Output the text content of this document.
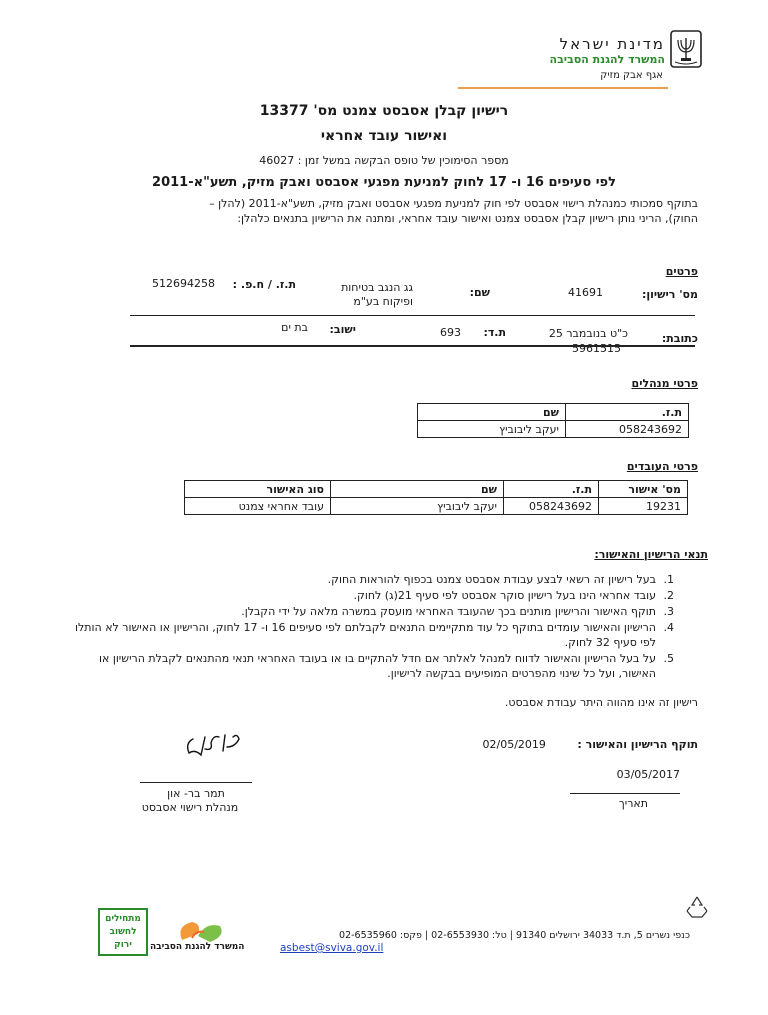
מדינת ישראל
המשרד להגנת הסביבה
אגף אבק מזיק
רישיון קבלן אסבסט צמנט מס' 13377
ואישור עובד אחראי
מספר הסימוכין של טופס הבקשה במשל זמן : 46027
לפי סעיפים 16 ו- 17 לחוק למניעת מפגעי אסבסט ואבק מזיק, תשע"א-2011
בתוקף סמכותי כמנהלת רישוי אסבסט לפי חוק למניעת מפגעי אסבסט ואבק מזיק, תשע"א-2011 (להלן –
החוק), הריני נותן רישיון קבלן אסבסט צמנט ואישור עובד אחראי, ומתנה את הרישיון בתנאים כלהלן:
פרטים
מס' רישיון:
41691
שם:
גג הנגב בטיחות
ופיקוח בע"מ
ת.ז. / ח.פ. :
512694258
כתובת:
כ"ט בנובמבר 25
5961515
ת.ד:
693
ישוב:
בת ים
פרטי מנהלים
ת.ז.	שם
058243692	יעקב ליבוביץ
פרטי העובדים
מס' אישור	ת.ז.	שם	סוג האישור
19231	058243692	יעקב ליבוביץ	עובד אחראי צמנט
תנאי הרישיון והאישור:
1.
בעל רישיון זה רשאי לבצע עבודת אסבסט צמנט בכפוף להוראות החוק.
2.
עובד אחראי הינו בעל רישיון סוקר אסבסט לפי סעיף 21(ג) לחוק.
3.
תוקף האישור והרישיון מותנים בכך שהעובד האחראי מועסק במשרה מלאה על ידי הקבלן.
4.
הרישיון והאישור עומדים בתוקף כל עוד מתקיימים התנאים לקבלתם לפי סעיפים 16 ו- 17 לחוק, והרישיון או האישור לא הותלו לפי סעיף 32 לחוק.
5.
על בעל הרישיון והאישור לדווח למנהל לאלתר אם חדל להתקיים בו או בעובד האחראי תנאי מהתנאים לקבלת הרישיון או האישור, ועל כל שינוי מהפרטים המופיעים בבקשה לרישיון.
רישיון זה אינו מהווה היתר עבודת אסבסט.
תוקף הרישיון והאישור : 02/05/2019
03/05/2017
תאריך
תמר בר- און
מנהלת רישוי אסבסט
כנפי נשרים 5, ת.ד 34033 ירושלים 91340 | טל: 02-6553930 | פקס: 02-6535960
asbest@sviva.gov.il
המשרד להגנת הסביבה
מתחילים לחשוב ירוק
